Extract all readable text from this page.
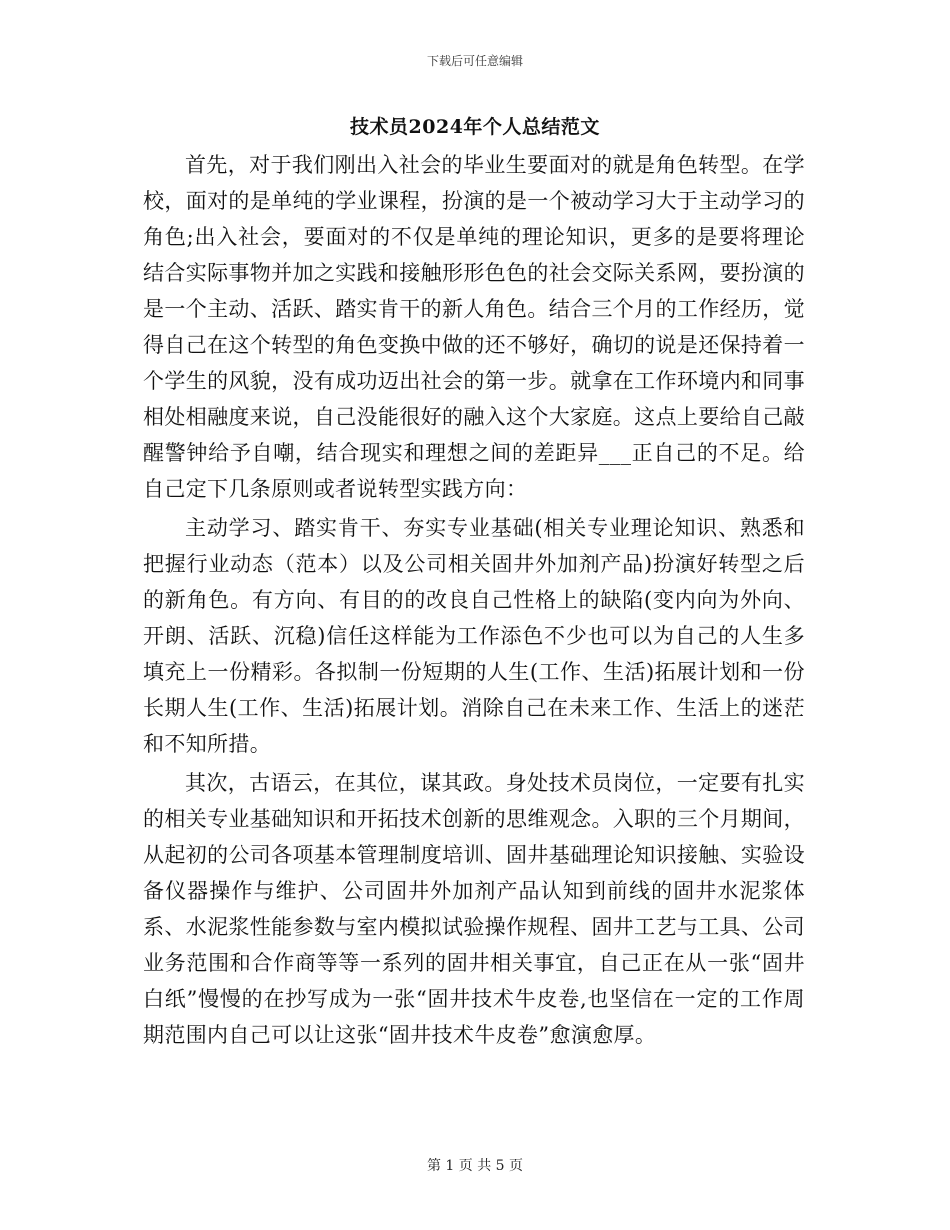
下载后可任意编辑
技术员2024年个人总结范文

首先，对于我们刚出入社会的毕业生要面对的就是角色转型。在学校，面对的是单纯的学业课程，扮演的是一个被动学习大于主动学习的角色;出入社会，要面对的不仅是单纯的理论知识，更多的是要将理论结合实际事物并加之实践和接触形形色色的社会交际关系网，要扮演的是一个主动、活跃、踏实肯干的新人角色。结合三个月的工作经历，觉得自己在这个转型的角色变换中做的还不够好，确切的说是还保持着一个学生的风貌，没有成功迈出社会的第一步。就拿在工作环境内和同事相处相融度来说，自己没能很好的融入这个大家庭。这点上要给自己敲醒警钟给予自嘲，结合现实和理想之间的差距异___正自己的不足。给自己定下几条原则或者说转型实践方向：

主动学习、踏实肯干、夯实专业基础(相关专业理论知识、熟悉和把握行业动态（范本）以及公司相关固井外加剂产品)扮演好转型之后的新角色。有方向、有目的的改良自己性格上的缺陷(变内向为外向、开朗、活跃、沉稳)信任这样能为工作添色不少也可以为自己的人生多填充上一份精彩。各拟制一份短期的人生(工作、生活)拓展计划和一份长期人生(工作、生活)拓展计划。消除自己在未来工作、生活上的迷茫和不知所措。

其次，古语云，在其位，谋其政。身处技术员岗位，一定要有扎实的相关专业基础知识和开拓技术创新的思维观念。入职的三个月期间，从起初的公司各项基本管理制度培训、固井基础理论知识接触、实验设备仪器操作与维护、公司固井外加剂产品认知到前线的固井水泥浆体系、水泥浆性能参数与室内模拟试验操作规程、固井工艺与工具、公司业务范围和合作商等等一系列的固井相关事宜，自己正在从一张“固井白纸”慢慢的在抄写成为一张“固井技术牛皮卷,也坚信在一定的工作周期范围内自己可以让这张“固井技术牛皮卷”愈演愈厚。

第 1 页 共 5 页
